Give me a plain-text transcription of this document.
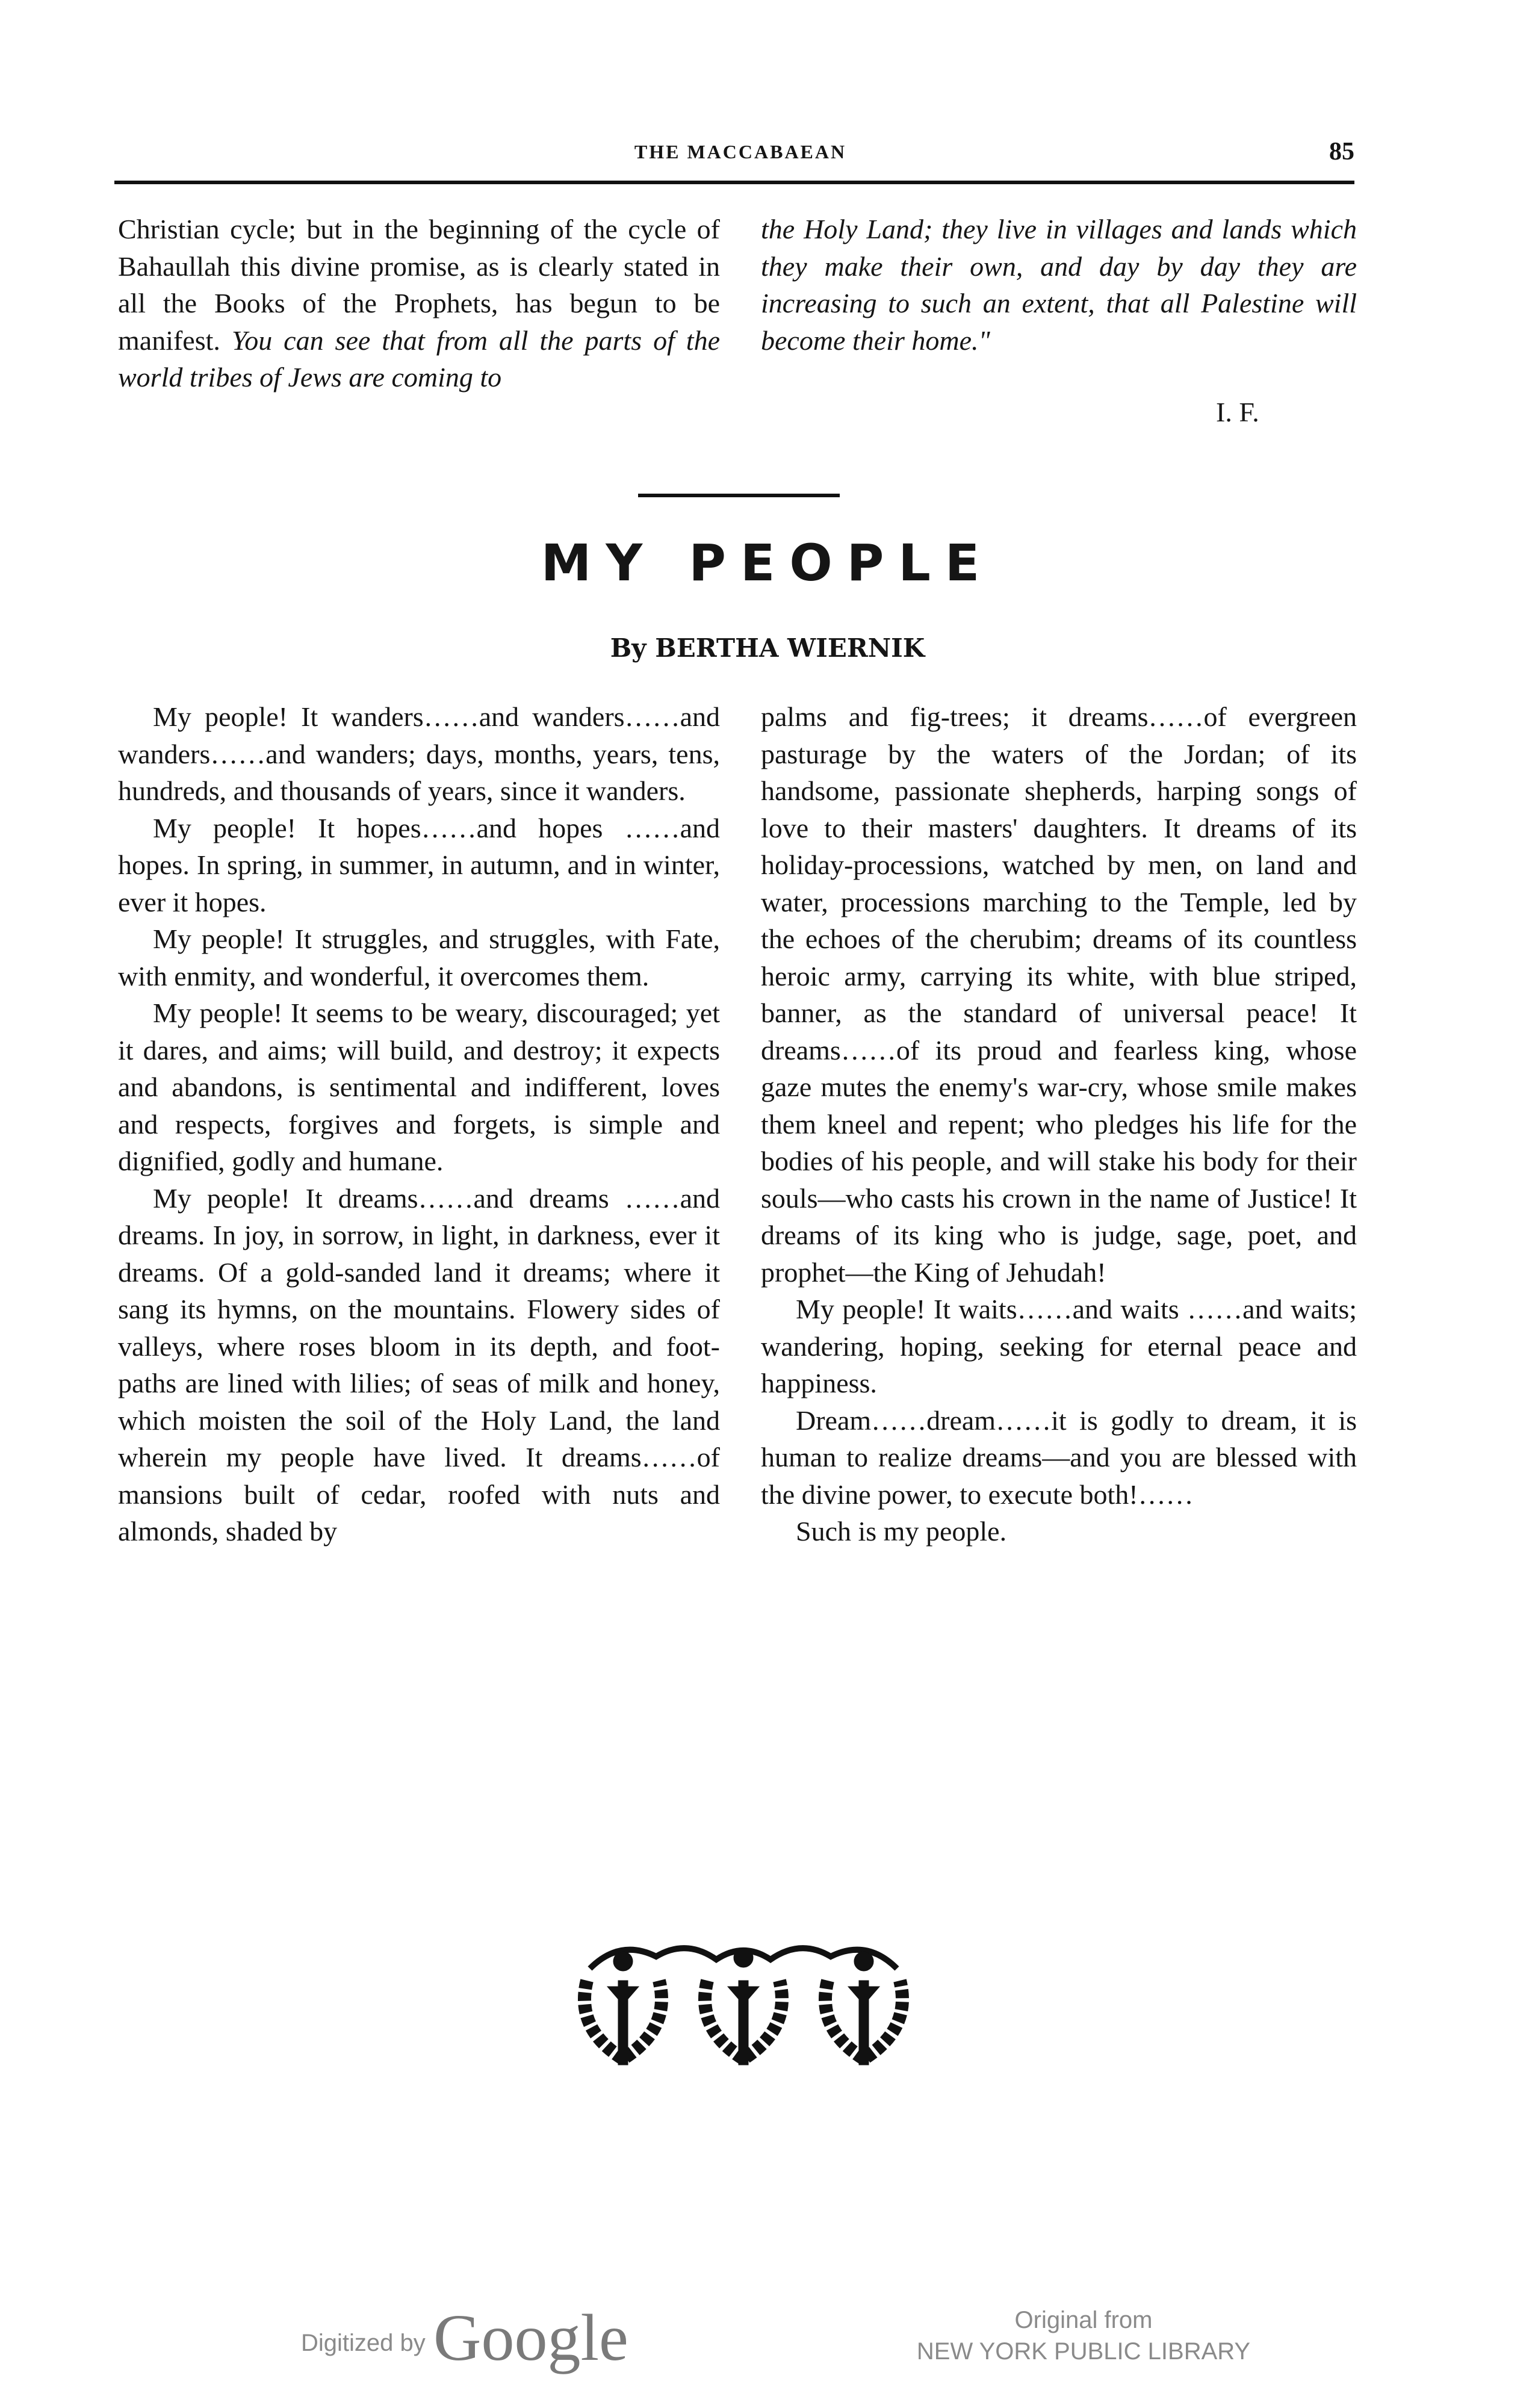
THE MACCABAEAN	85

Christian cycle; but in the beginning of the cycle of Bahaullah this divine promise, as is clearly stated in all the Books of the Prophets, has begun to be manifest. You can see that from all the parts of the world tribes of Jews are coming to

the Holy Land; they live in villages and lands which they make their own, and day by day they are increasing to such an extent, that all Palestine will become their home."

I. F.
MY PEOPLE
By BERTHA WIERNIK

My people! It wanders……and wanders……and wanders……and wanders; days, months, years, tens, hundreds, and thousands of years, since it wanders.

My people! It hopes……and hopes ……and hopes. In spring, in summer, in autumn, and in winter, ever it hopes.

My people! It struggles, and struggles, with Fate, with enmity, and wonderful, it overcomes them.

My people! It seems to be weary, discouraged; yet it dares, and aims; will build, and destroy; it expects and abandons, is sentimental and indifferent, loves and respects, forgives and forgets, is simple and dignified, godly and humane.

My people! It dreams……and dreams ……and dreams. In joy, in sorrow, in light, in darkness, ever it dreams. Of a gold-sanded land it dreams; where it sang its hymns, on the mountains. Flowery sides of valleys, where roses bloom in its depth, and foot-paths are lined with lilies; of seas of milk and honey, which moisten the soil of the Holy Land, the land wherein my people have lived. It dreams……of mansions built of cedar, roofed with nuts and almonds, shaded by

palms and fig-trees; it dreams……of evergreen pasturage by the waters of the Jordan; of its handsome, passionate shepherds, harping songs of love to their masters' daughters. It dreams of its holiday-processions, watched by men, on land and water, processions marching to the Temple, led by the echoes of the cherubim; dreams of its countless heroic army, carrying its white, with blue striped, banner, as the standard of universal peace! It dreams……of its proud and fearless king, whose gaze mutes the enemy's war-cry, whose smile makes them kneel and repent; who pledges his life for the bodies of his people, and will stake his body for their souls—who casts his crown in the name of Justice! It dreams of its king who is judge, sage, poet, and prophet—the King of Jehudah!

My people! It waits……and waits ……and waits; wandering, hoping, seeking for eternal peace and happiness.

Dream……dream……it is godly to dream, it is human to realize dreams—and you are blessed with the divine power, to execute both!……

Such is my people.

Digitized by Google	Original from
NEW YORK PUBLIC LIBRARY
